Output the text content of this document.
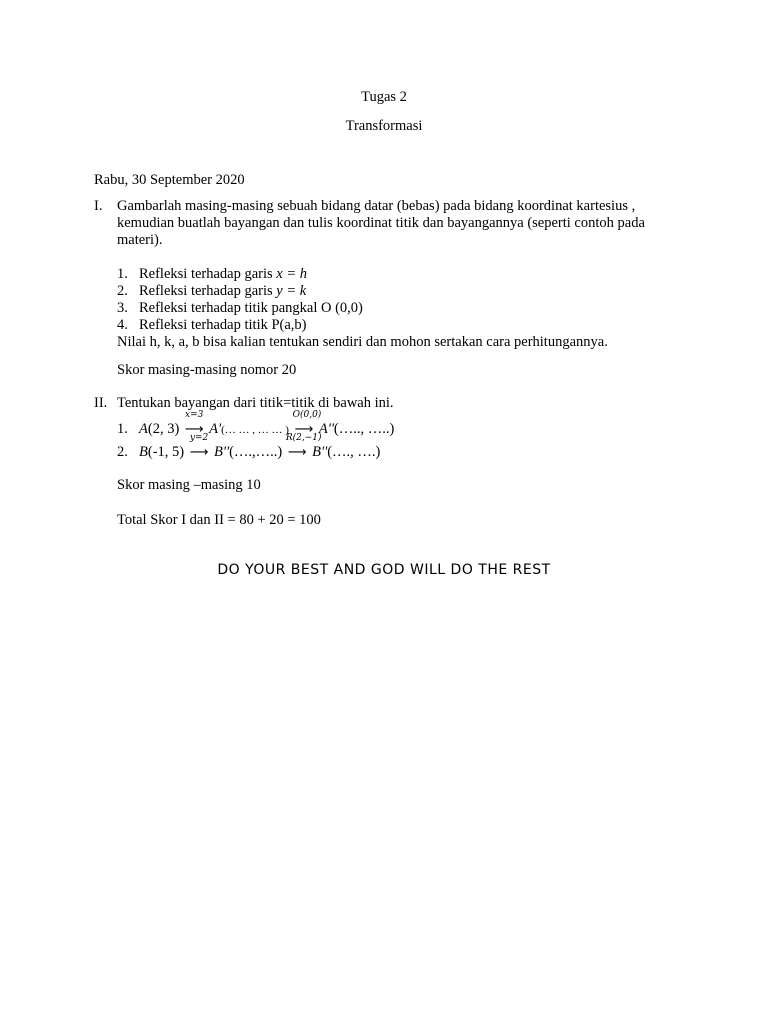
Tugas 2
Transformasi
Rabu, 30 September 2020
I. Gambarlah masing-masing sebuah bidang datar (bebas) pada bidang koordinat kartesius , kemudian buatlah bayangan dan tulis koordinat titik dan bayangannya (seperti contoh pada materi).
1. Refleksi terhadap garis x = h
2. Refleksi terhadap garis y = k
3. Refleksi terhadap titik pangkal O (0,0)
4. Refleksi terhadap titik P(a,b)
Nilai h, k, a, b bisa kalian tentukan sendiri dan mohon sertakan cara perhitungannya.
Skor masing-masing nomor 20
II. Tentukan bayangan dari titik=titik di bawah ini.
1. A(2, 3)
x=3
⟶ A'(… … , … … )
O(0,0)
⟶ A''(….., …..)
2. B(-1, 5)
y=2
⟶ B''(….,…..)
R(2,−1)
⟶ B''(…., ….)
Skor masing –masing 10
Total Skor I dan II = 80 + 20 = 100
DO YOUR BEST AND GOD WILL DO THE REST
